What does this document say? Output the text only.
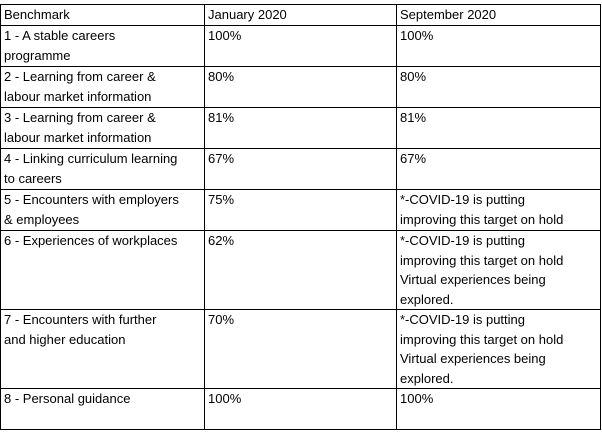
Benchmark	January 2020	September 2020

1 - A stable careers
programme	100%	100%

2 - Learning from career &
labour market information	80%	80%

3 - Learning from career &
labour market information	81%	81%

4 - Linking curriculum learning
to careers	67%	67%

5 - Encounters with employers
& employees	75%	*-COVID-19 is putting
improving this target on hold

6 - Experiences of workplaces	62%	*-COVID-19 is putting
improving this target on hold
Virtual experiences being
explored.

7 - Encounters with further
and higher education	70%	*-COVID-19 is putting
improving this target on hold
Virtual experiences being
explored.

8 - Personal guidance	100%	100%
